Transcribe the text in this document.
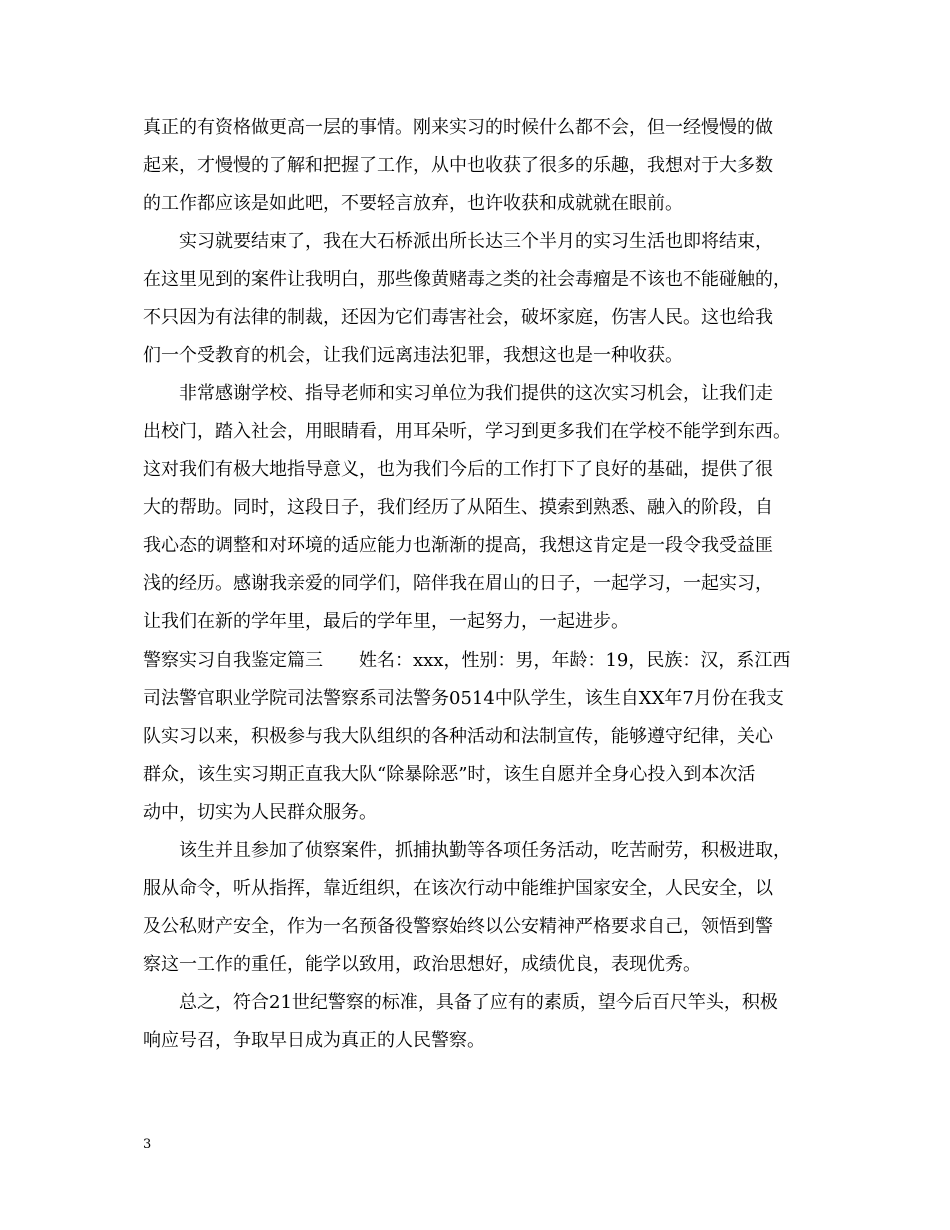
真正的有资格做更高一层的事情。刚来实习的时候什么都不会，但一经慢慢的做
起来，才慢慢的了解和把握了工作，从中也收获了很多的乐趣，我想对于大多数
的工作都应该是如此吧，不要轻言放弃，也许收获和成就就在眼前。
实习就要结束了，我在大石桥派出所长达三个半月的实习生活也即将结束，
在这里见到的案件让我明白，那些像黄赌毒之类的社会毒瘤是不该也不能碰触的，
不只因为有法律的制裁，还因为它们毒害社会，破坏家庭，伤害人民。这也给我
们一个受教育的机会，让我们远离违法犯罪，我想这也是一种收获。
非常感谢学校、指导老师和实习单位为我们提供的这次实习机会，让我们走
出校门，踏入社会，用眼睛看，用耳朵听，学习到更多我们在学校不能学到东西。
这对我们有极大地指导意义，也为我们今后的工作打下了良好的基础，提供了很
大的帮助。同时，这段日子，我们经历了从陌生、摸索到熟悉、融入的阶段，自
我心态的调整和对环境的适应能力也渐渐的提高，我想这肯定是一段令我受益匪
浅的经历。感谢我亲爱的同学们，陪伴我在眉山的日子，一起学习，一起实习，
让我们在新的学年里，最后的学年里，一起努力，一起进步。
警察实习自我鉴定篇三　　姓名：xxx，性别：男，年龄：19，民族：汉，系江西
司法警官职业学院司法警察系司法警务0514中队学生，该生自XX年7月份在我支
队实习以来，积极参与我大队组织的各种活动和法制宣传，能够遵守纪律，关心
群众，该生实习期正直我大队“除暴除恶”时，该生自愿并全身心投入到本次活
动中，切实为人民群众服务。
该生并且参加了侦察案件，抓捕执勤等各项任务活动，吃苦耐劳，积极进取，
服从命令，听从指挥，靠近组织，在该次行动中能维护国家安全，人民安全，以
及公私财产安全，作为一名预备役警察始终以公安精神严格要求自己，领悟到警
察这一工作的重任，能学以致用，政治思想好，成绩优良，表现优秀。
总之，符合21世纪警察的标准，具备了应有的素质，望今后百尺竿头，积极
响应号召，争取早日成为真正的人民警察。
3
